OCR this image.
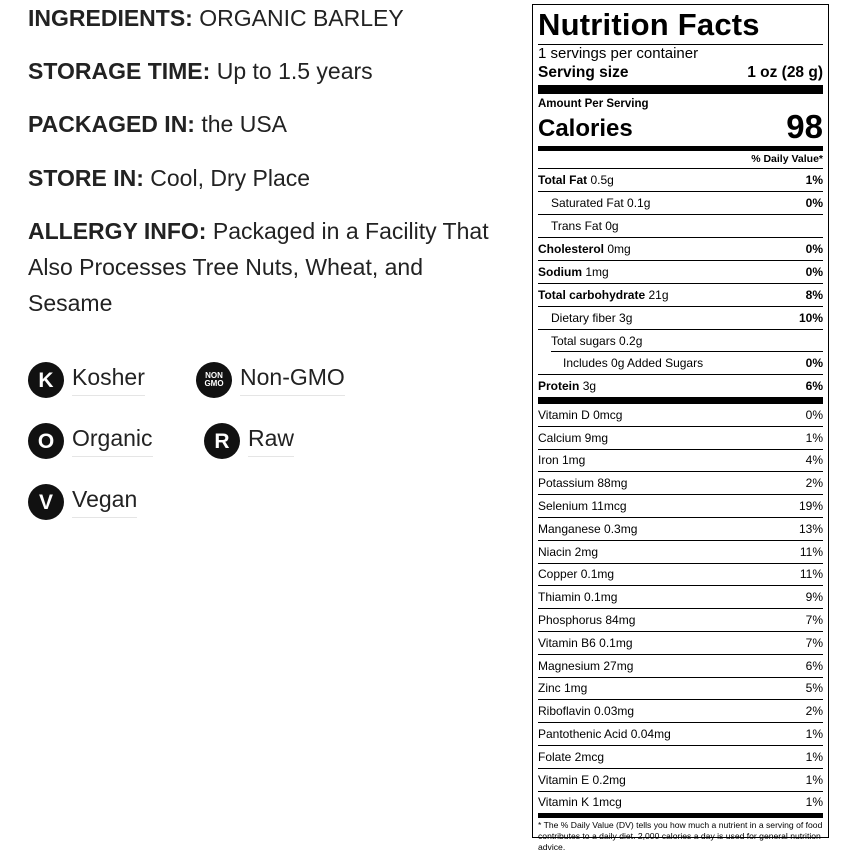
INGREDIENTS: ORGANIC BARLEY
STORAGE TIME: Up to 1.5 years
PACKAGED IN: the USA
STORE IN: Cool, Dry Place
ALLERGY INFO: Packaged in a Facility That Also Processes Tree Nuts, Wheat, and Sesame
K Kosher	NON
GMO Non-GMO
O Organic	R Raw
V Vegan
Nutrition Facts
1 servings per container
Serving size	1 oz (28 g)
Amount Per Serving
Calories	98
% Daily Value*
Total Fat 0.5g	1%
Saturated Fat 0.1g	0%
Trans Fat 0g
Cholesterol 0mg	0%
Sodium 1mg	0%
Total carbohydrate 21g	8%
Dietary fiber 3g	10%
Total sugars 0.2g
Includes 0g Added Sugars	0%
Protein 3g	6%
Vitamin D 0mcg	0%
Calcium 9mg	1%
Iron 1mg	4%
Potassium 88mg	2%
Selenium 11mcg	19%
Manganese 0.3mg	13%
Niacin 2mg	11%
Copper 0.1mg	11%
Thiamin 0.1mg	9%
Phosphorus 84mg	7%
Vitamin B6 0.1mg	7%
Magnesium 27mg	6%
Zinc 1mg	5%
Riboflavin 0.03mg	2%
Pantothenic Acid 0.04mg	1%
Folate 2mcg	1%
Vitamin E 0.2mg	1%
Vitamin K 1mcg	1%
* The % Daily Value (DV) tells you how much a nutrient in a serving of food contributes to a daily diet. 2,000 calories a day is used for general nutrition advice.
